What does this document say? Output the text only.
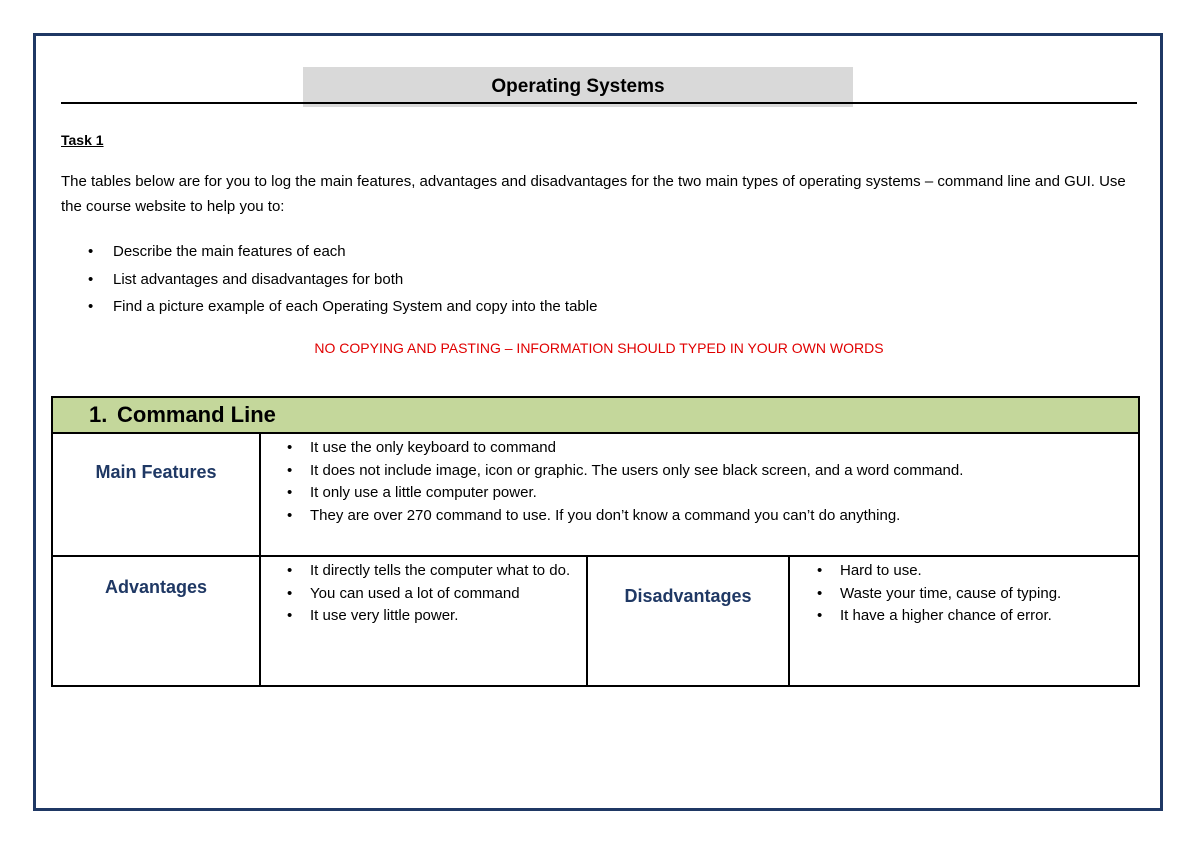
Operating Systems
Task 1

The tables below are for you to log the main features, advantages and disadvantages for the two main types of operating systems – command line and GUI. Use the course website to help you to:

• Describe the main features of each
• List advantages and disadvantages for both
• Find a picture example of each Operating System and copy into the table
NO COPYING AND PASTING – INFORMATION SHOULD TYPED IN YOUR OWN WORDS
1. Command Line
Main Features
• It use the only keyboard to command
• It does not include image, icon or graphic. The users only see black screen, and a word command.
• It only use a little computer power.
• They are over 270 command to use. If you don’t know a command you can’t do anything.
Advantages
• It directly tells the computer what to do.
• You can used a lot of command
• It use very little power.
Disadvantages
• Hard to use.
• Waste your time, cause of typing.
• It have a higher chance of error.
